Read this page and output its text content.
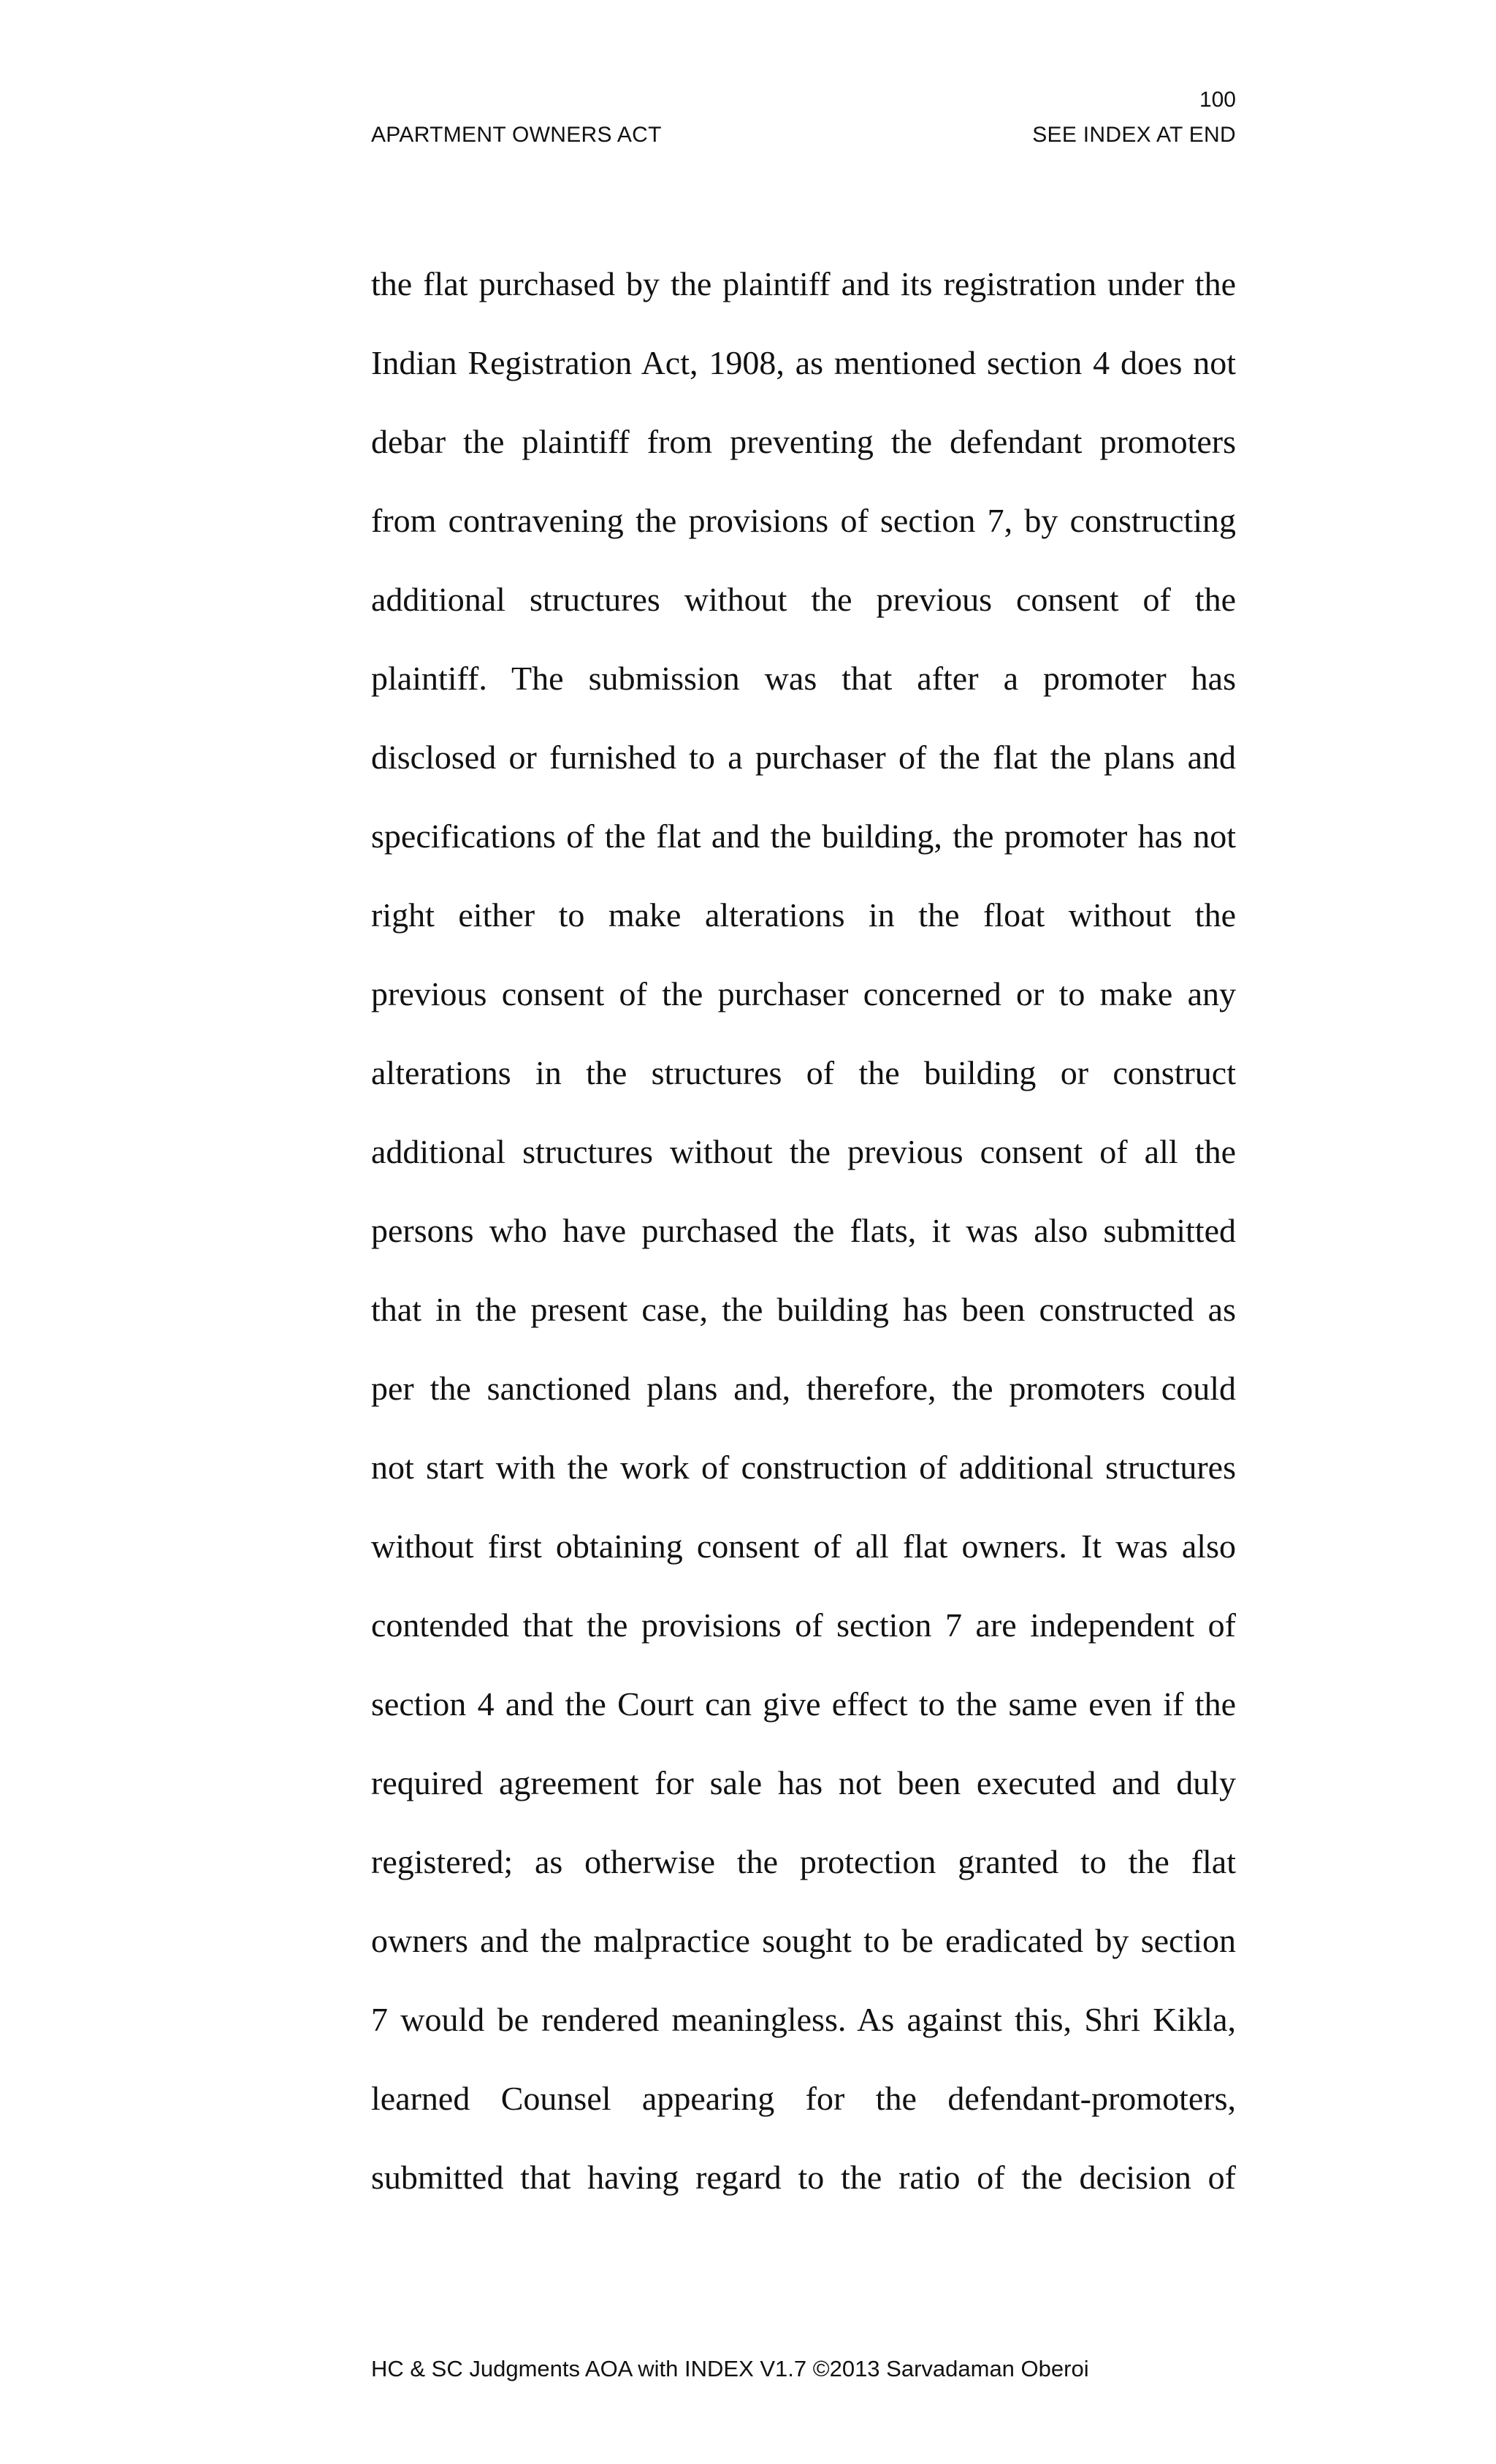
100
APARTMENT OWNERS ACT	SEE INDEX AT END
the flat purchased by the plaintiff and its registration under the
Indian Registration Act, 1908, as mentioned section 4 does not
debar the plaintiff from preventing the defendant promoters
from contravening the provisions of section 7, by constructing
additional structures without the previous consent of the
plaintiff. The submission was that after a promoter has
disclosed or furnished to a purchaser of the flat the plans and
specifications of the flat and the building, the promoter has not
right either to make alterations in the float without the
previous consent of the purchaser concerned or to make any
alterations in the structures of the building or construct
additional structures without the previous consent of all the
persons who have purchased the flats, it was also submitted
that in the present case, the building has been constructed as
per the sanctioned plans and, therefore, the promoters could
not start with the work of construction of additional structures
without first obtaining consent of all flat owners. It was also
contended that the provisions of section 7 are independent of
section 4 and the Court can give effect to the same even if the
required agreement for sale has not been executed and duly
registered; as otherwise the protection granted to the flat
owners and the malpractice sought to be eradicated by section
7 would be rendered meaningless. As against this, Shri Kikla,
learned Counsel appearing for the defendant-promoters,
submitted that having regard to the ratio of the decision of
HC & SC Judgments AOA with INDEX V1.7 ©2013 Sarvadaman Oberoi
